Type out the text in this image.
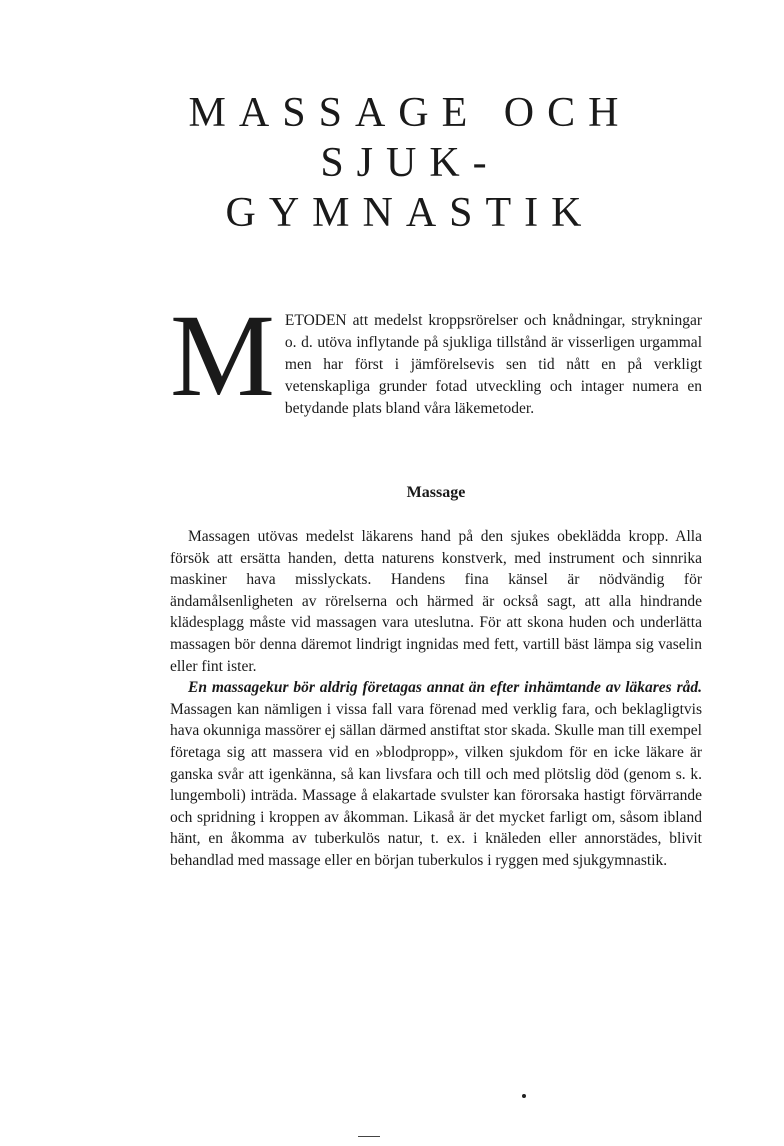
MASSAGE OCH SJUK-
GYMNASTIK

METODEN att medelst kroppsrörelser och knådningar, strykningar o. d. utöva inflytande på sjukliga tillstånd är visserligen urgammal men har först i jämförelsevis sen tid nått en på verkligt vetenskapliga grunder fotad utveckling och intager numera en betydande plats bland våra läkemetoder.

Massage

Massagen utövas medelst läkarens hand på den sjukes obeklädda kropp. Alla försök att ersätta handen, detta naturens konstverk, med instrument och sinnrika maskiner hava misslyckats. Handens fina känsel är nödvändig för ändamålsenligheten av rörelserna och härmed är också sagt, att alla hindrande klädesplagg måste vid massagen vara uteslutna. För att skona huden och underlätta massagen bör denna däremot lindrigt ingnidas med fett, vartill bäst lämpa sig vaselin eller fint ister.

En massagekur bör aldrig företagas annat än efter inhämtande av läkares råd. Massagen kan nämligen i vissa fall vara förenad med verklig fara, och beklagligtvis hava okunniga massörer ej sällan därmed anstiftat stor skada. Skulle man till exempel företaga sig att massera vid en »blodpropp», vilken sjukdom för en icke läkare är ganska svår att igenkänna, så kan livsfara och till och med plötslig död (genom s. k. lungemboli) inträda. Massage å elakartade svulster kan förorsaka hastigt förvärrande och spridning i kroppen av åkomman. Likaså är det mycket farligt om, såsom ibland hänt, en åkomma av tuberkulös natur, t. ex. i knäleden eller annorstädes, blivit behandlad med massage eller en början tuberkulos i ryggen med sjukgymnastik.
